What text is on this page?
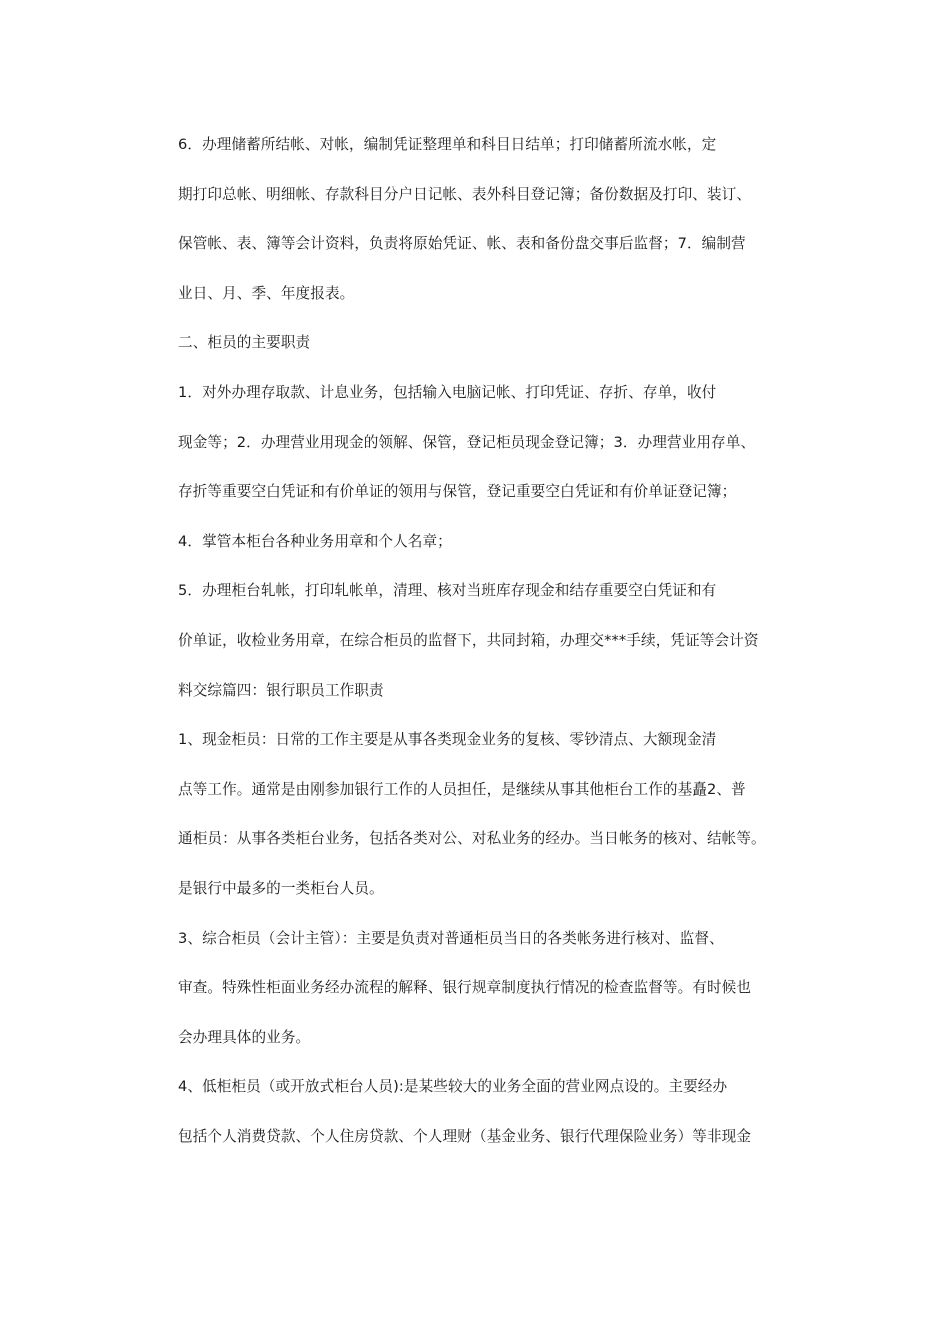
6．办理储蓄所结帐、对帐，编制凭证整理单和科目日结单；打印储蓄所流水帐，定
期打印总帐、明细帐、存款科目分户日记帐、表外科目登记簿；备份数据及打印、装订、
保管帐、表、簿等会计资料，负责将原始凭证、帐、表和备份盘交事后监督；7．编制营
业日、月、季、年度报表。

二、柜员的主要职责

1．对外办理存取款、计息业务，包括输入电脑记帐、打印凭证、存折、存单，收付
现金等；2．办理营业用现金的领解、保管，登记柜员现金登记簿；3．办理营业用存单、
存折等重要空白凭证和有价单证的领用与保管，登记重要空白凭证和有价单证登记簿；
4．掌管本柜台各种业务用章和个人名章；

5．办理柜台轧帐，打印轧帐单，清理、核对当班库存现金和结存重要空白凭证和有
价单证，收检业务用章，在综合柜员的监督下，共同封箱，办理交***手续，凭证等会计资
料交综篇四：银行职员工作职责

1、现金柜员：日常的工作主要是从事各类现金业务的复核、零钞清点、大额现金清
点等工作。通常是由刚参加银行工作的人员担任，是继续从事其他柜台工作的基矗2、普
通柜员：从事各类柜台业务，包括各类对公、对私业务的经办。当日帐务的核对、结帐等。
是银行中最多的一类柜台人员。

3、综合柜员（会计主管）：主要是负责对普通柜员当日的各类帐务进行核对、监督、
审查。特殊性柜面业务经办流程的解释、银行规章制度执行情况的检查监督等。有时候也
会办理具体的业务。

4、低柜柜员（或开放式柜台人员):是某些较大的业务全面的营业网点设的。主要经办
包括个人消费贷款、个人住房贷款、个人理财（基金业务、银行代理保险业务）等非现金
